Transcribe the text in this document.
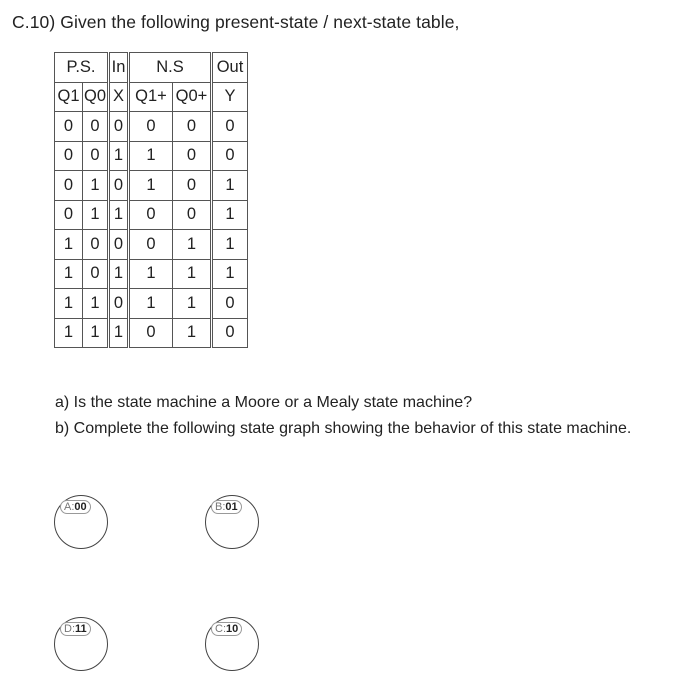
C.10) Given the following present-state / next-state table,
P.S.		In	N.S		Out
Q1	Q0	X	Q1+	Q0+	Y
0	0	0	0	0	0
0	0	1	1	0	0
0	1	0	1	0	1
0	1	1	0	0	1
1	0	0	0	1	1
1	0	1	1	1	1
1	1	0	1	1	0
1	1	1	0	1	0
a) Is the state machine a Moore or a Mealy state machine?
b) Complete the following state graph showing the behavior of this state machine.
A:00	B:01
D:11	C:10
